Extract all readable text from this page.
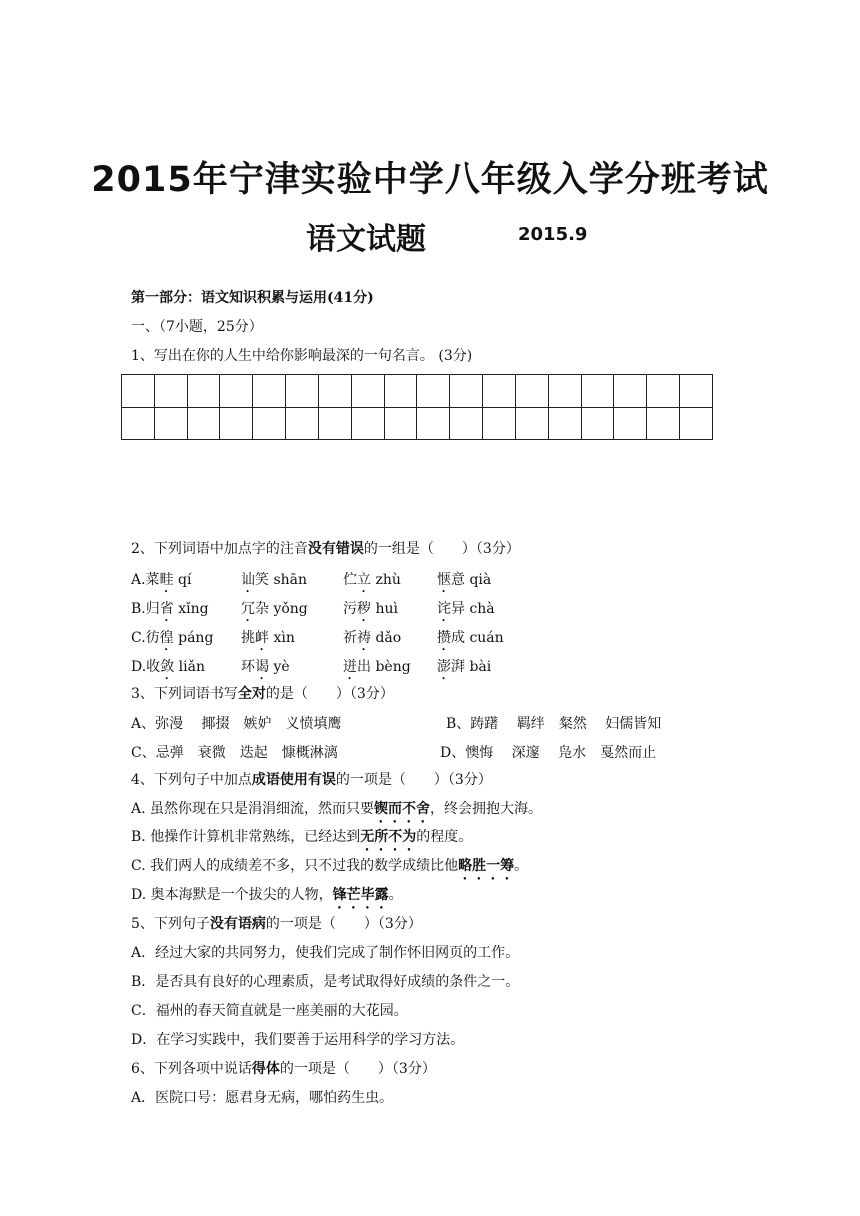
2015年宁津实验中学八年级入学分班考试
语文试题	2015.9
第一部分：语文知识积累与运用(41分)
一、（7小题，25分）
1、写出在你的人生中给你影响最深的一句名言。 (3分)

2、下列词语中加点字的注音没有错误的一组是（　　）（3分）
A.菜畦 qí	讪笑 shān	伫立 zhù	惬意 qià
B.归省 xǐng 冗杂 yǒng	污秽 huì	诧异 chà
C.彷徨 páng 挑衅 xìn	祈祷 dǎo	攒成 cuán
D.收敛 liǎn	环谒 yè	迸出 bèng 澎湃 bài
3、下列词语书写全对的是（　　）（3分）
A、弥漫　 揶掇　嫉妒　义愤填鹰	B、踌躇　 羁绊　粲然　 妇儒皆知
C、忌弹　衰微　迭起　慷概淋漓	D、懊悔　 深邃　 凫水　戛然而止
4、下列句子中加点成语使用有误的一项是（　　）（3分）
A. 虽然你现在只是涓涓细流，然而只要锲而不舍，终会拥抱大海。
B. 他操作计算机非常熟练，已经达到无所不为的程度。
C. 我们两人的成绩差不多，只不过我的数学成绩比他略胜一筹。
D. 奥本海默是一个拔尖的人物，锋芒毕露。
5、下列句子没有语病的一项是（　　）（3分）
A．经过大家的共同努力，使我们完成了制作怀旧网页的工作。
B．是否具有良好的心理素质，是考试取得好成绩的条件之一。
C．福州的春天简直就是一座美丽的大花园。
D．在学习实践中，我们要善于运用科学的学习方法。
6、下列各项中说话得体的一项是（　　）（3分）
A．医院口号：愿君身无病，哪怕药生虫。
